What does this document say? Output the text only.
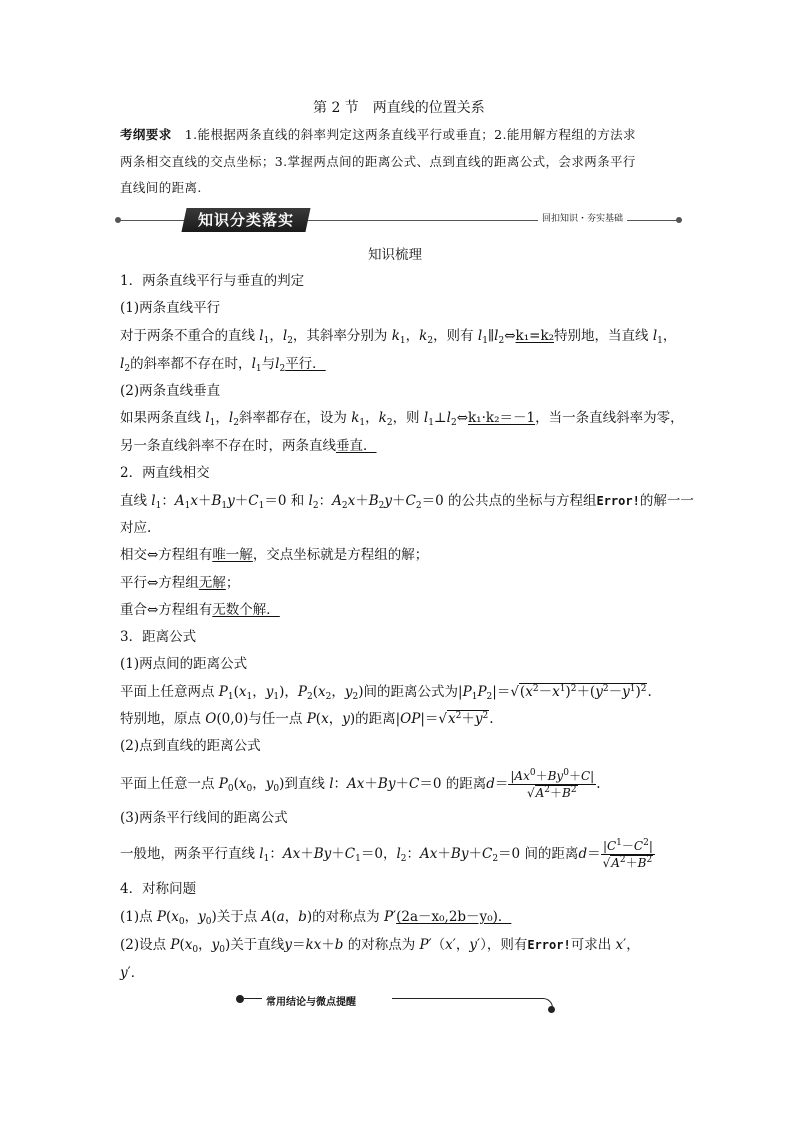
第 2 节　两直线的位置关系
考纲要求 1.能根据两条直线的斜率判定这两条直线平行或垂直；2.能用解方程组的方法求
两条相交直线的交点坐标；3.掌握两点间的距离公式、点到直线的距离公式，会求两条平行
直线间的距离.
知识分类落实	回扣知识・夯实基础
知识梳理
1．两条直线平行与垂直的判定
(1)两条直线平行
对于两条不重合的直线 $l_1$，$l_2$，其斜率分别为 $k_1$，$k_2$，则有 $l_1\parallel l_2\Leftrightarrow k_1=k_2$特别地，当直线 $l_1$，
$l_2$的斜率都不存在时，$l_1$与$l_2$平行．
(2)两条直线垂直
如果两条直线 $l_1$，$l_2$斜率都存在，设为 $k_1$，$k_2$，则 $l_1\perp l_2\Leftrightarrow k_1\cdot k_2=-1$，当一条直线斜率为零，
另一条直线斜率不存在时，两条直线垂直．
2．两直线相交
直线 $l_1$：$A_1x+B_1y+C_1=0$ 和 $l_2$：$A_2x+B_2y+C_2=0$ 的公共点的坐标与方程组Error!的解一一
对应.
相交⇔方程组有唯一解，交点坐标就是方程组的解；
平行⇔方程组无解；
重合⇔方程组有无数个解．
3．距离公式
(1)两点间的距离公式
平面上任意两点 $P_1(x_1$，$y_1$)，$P_2(x_2$，$y_2$)间的距离公式为$|P_1P_2|=√(x^2-x^1)^2+(y^2-y^1)^2$.
特别地，原点 O(0,0)与任一点 P(x，y)的距离$|OP|=√x^2+y^2$.
(2)点到直线的距离公式
平面上任意一点 $P_0(x_0$，$y_0$)到直线 l：Ax＋By＋C＝0 的距离$d= \frac{|Ax^0+By^0+C|}{√A^2+B^2}$ .
(3)两条平行线间的距离公式
一般地，两条平行直线 $l_1$：$Ax+By+C_1=0$，$l_2$：$Ax+By+C_2=0$ 间的距离$d= \frac{|C^1-C^2|}{√A^2+B^2}$
4．对称问题
(1)点 $P(x_0$，$y_0$)关于点 A(a，b)的对称点为 P′(2a－x₀,2b－y₀)．
(2)设点 $P(x_0$，$y_0$)关于直线y＝kx＋b 的对称点为 P′（x′，y′），则有Error!可求出 x′，
y′．
常用结论与微点提醒
